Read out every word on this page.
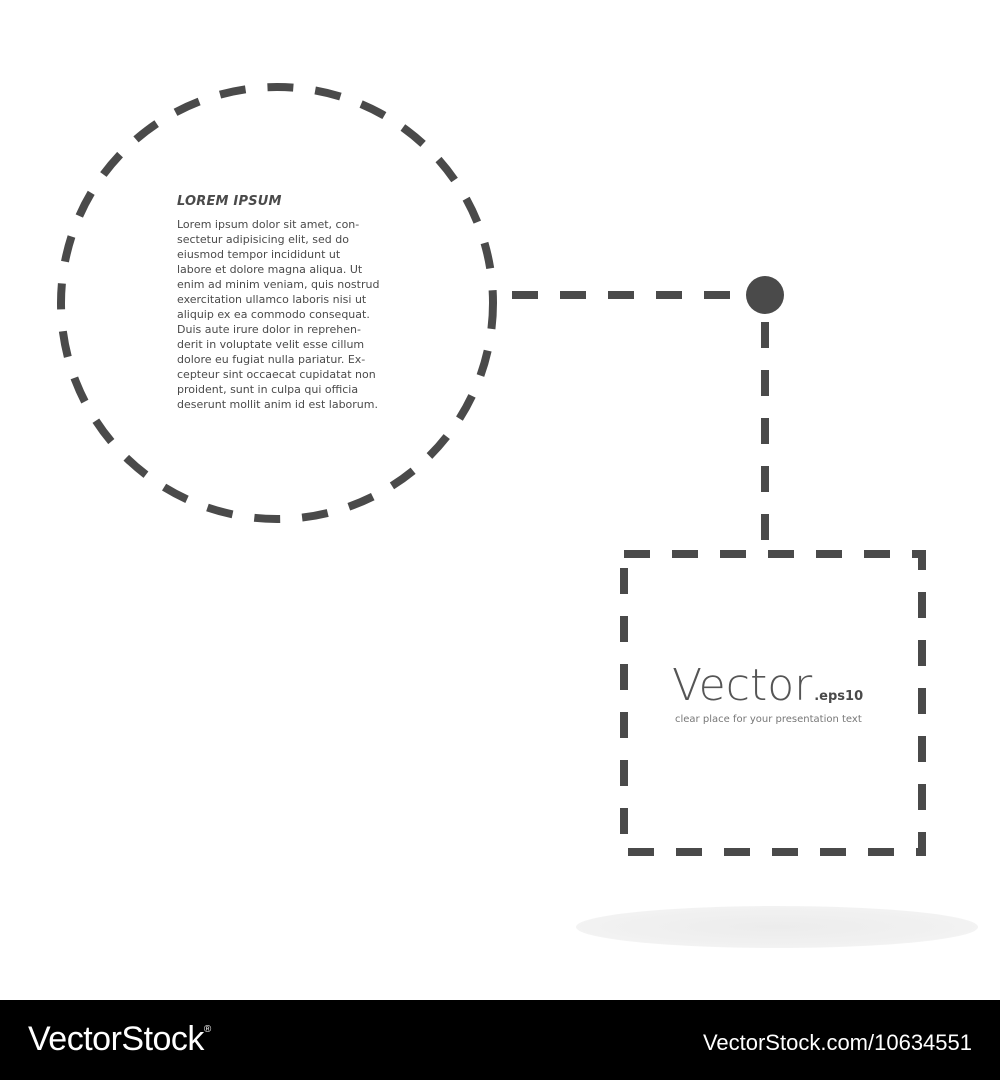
LOREM IPSUM
Lorem ipsum dolor sit amet, con-
sectetur adipisicing elit, sed do
eiusmod tempor incididunt ut
labore et dolore magna aliqua. Ut
enim ad minim veniam, quis nostrud
exercitation ullamco laboris nisi ut
aliquip ex ea commodo consequat.
Duis aute irure dolor in reprehen-
derit in voluptate velit esse cillum
dolore eu fugiat nulla pariatur. Ex-
cepteur sint occaecat cupidatat non
proident, sunt in culpa qui officia
deserunt mollit anim id est laborum.
Vector .eps10
clear place for your presentation text
VectorStock®
VectorStock.com/10634551
